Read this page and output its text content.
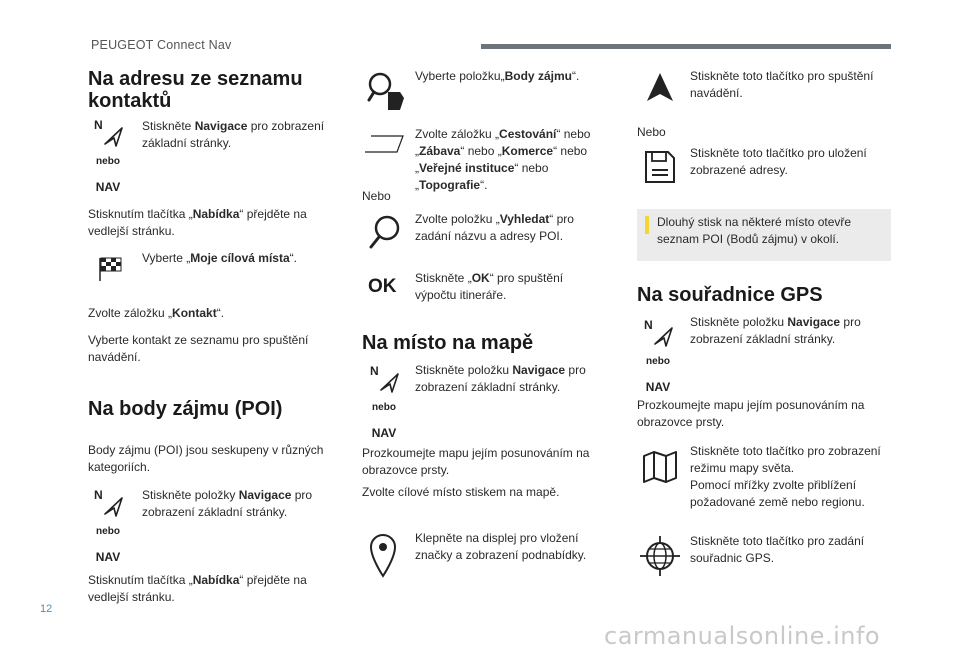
PEUGEOT Connect Nav
Na adresu ze seznamu kontaktů
N
nebo
NAV
Stiskněte Navigace pro zobrazení základní stránky.
Stisknutím tlačítka „Nabídka“ přejděte na vedlejší stránku.
Vyberte „Moje cílová místa“.
Zvolte záložku „Kontakt“.
Vyberte kontakt ze seznamu pro spuštění navádění.
Na body zájmu (POI)
Body zájmu (POI) jsou seskupeny v různých kategoriích.
N
nebo
NAV
Stiskněte položky Navigace pro zobrazení základní stránky.
Stisknutím tlačítka „Nabídka“ přejděte na vedlejší stránku.
Vyberte položku„Body zájmu“.
Zvolte záložku „Cestování“ nebo „Zábava“ nebo „Komerce“ nebo „Veřejné instituce“ nebo „Topografie“.
Nebo
Zvolte položku „Vyhledat“ pro zadání názvu a adresy POI.
OK Stiskněte „OK“ pro spuštění výpočtu itineráře.
Na místo na mapě
N
nebo
NAV
Stiskněte položku Navigace pro zobrazení základní stránky.
Prozkoumejte mapu jejím posunováním na obrazovce prsty.
Zvolte cílové místo stiskem na mapě.
Klepněte na displej pro vložení značky a zobrazení podnabídky.
Stiskněte toto tlačítko pro spuštění navádění.
Nebo
Stiskněte toto tlačítko pro uložení zobrazené adresy.
Dlouhý stisk na některé místo otevře seznam POI (Bodů zájmu) v okolí.
Na souřadnice GPS
N
nebo
NAV
Stiskněte položku Navigace pro zobrazení základní stránky.
Prozkoumejte mapu jejím posunováním na obrazovce prsty.
Stiskněte toto tlačítko pro zobrazení režimu mapy světa.
Pomocí mřížky zvolte přiblížení požadované země nebo regionu.
Stiskněte toto tlačítko pro zadání souřadnic GPS.
12
carmanualsonline.info
